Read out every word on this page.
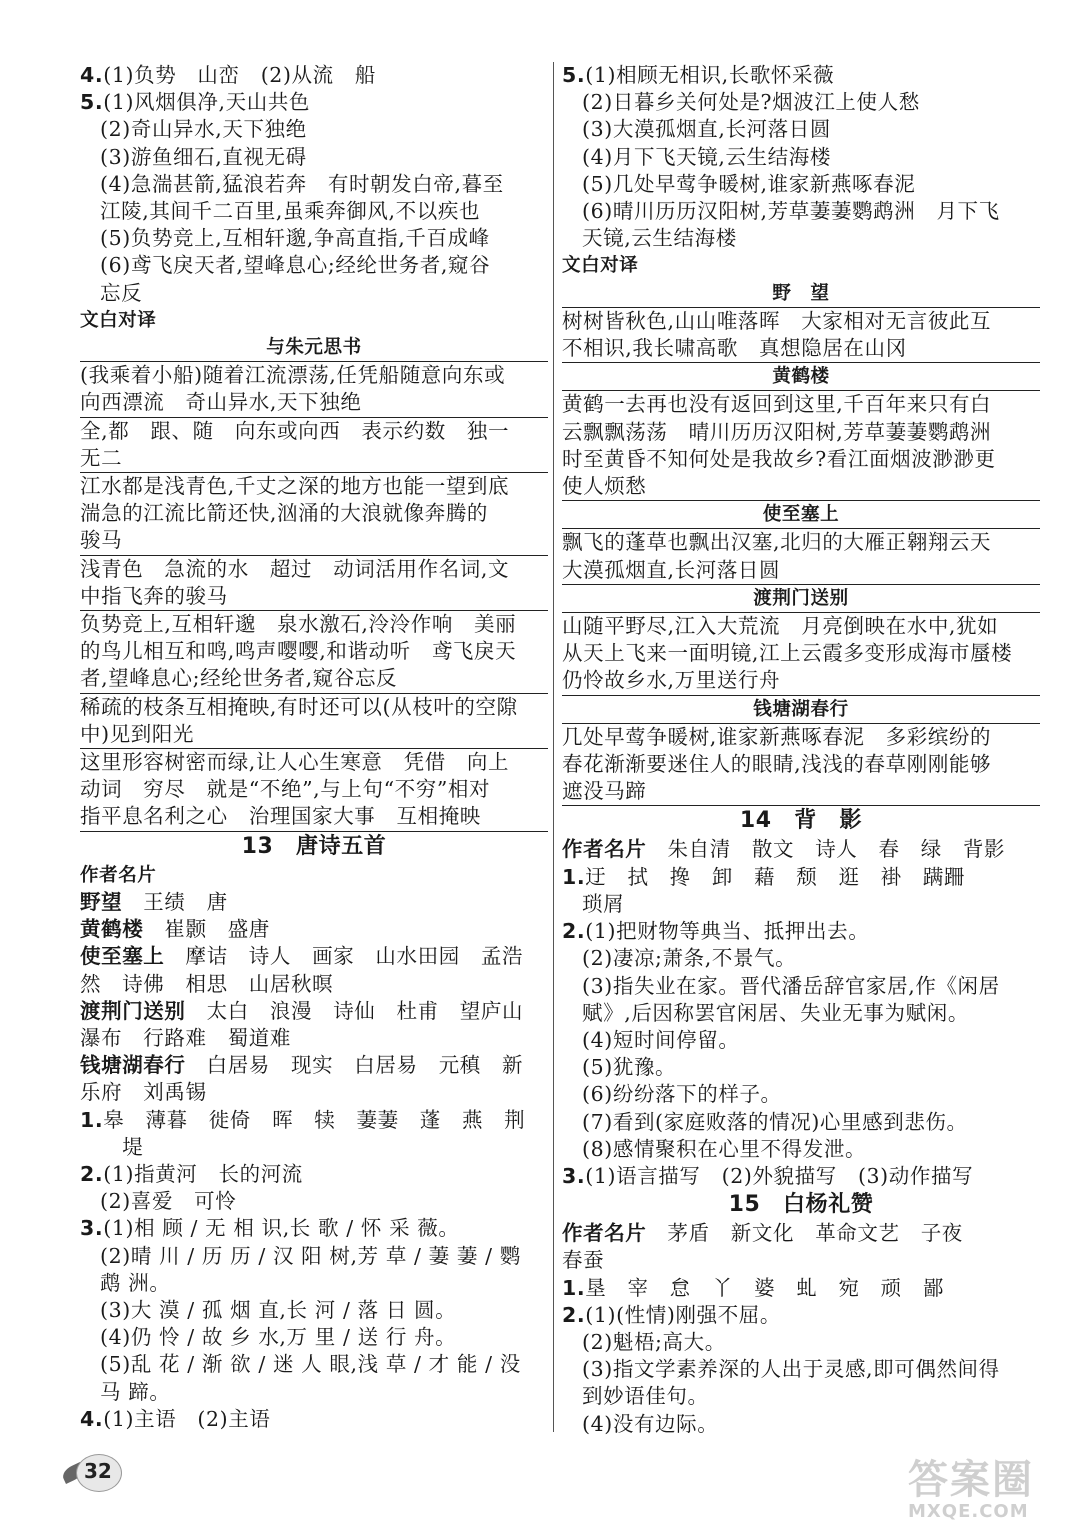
4.(1)负势　山峦　(2)从流　船
5.(1)风烟俱净,天山共色
(2)奇山异水,天下独绝
(3)游鱼细石,直视无碍
(4)急湍甚箭,猛浪若奔　有时朝发白帝,暮至
江陵,其间千二百里,虽乘奔御风,不以疾也
(5)负势竞上,互相轩邈,争高直指,千百成峰
(6)鸢飞戾天者,望峰息心;经纶世务者,窥谷
忘反
文白对译
与朱元思书
(我乘着小船)随着江流漂荡,任凭船随意向东或
向西漂流　奇山异水,天下独绝
全,都　跟、随　向东或向西　表示约数　独一
无二
江水都是浅青色,千丈之深的地方也能一望到底
湍急的江流比箭还快,汹涌的大浪就像奔腾的
骏马
浅青色　急流的水　超过　动词活用作名词,文
中指飞奔的骏马
负势竞上,互相轩邈　泉水激石,泠泠作响　美丽
的鸟儿相互和鸣,鸣声嘤嘤,和谐动听　鸢飞戾天
者,望峰息心;经纶世务者,窥谷忘反
稀疏的枝条互相掩映,有时还可以(从枝叶的空隙
中)见到阳光
这里形容树密而绿,让人心生寒意　凭借　向上
动词　穷尽　就是“不绝”,与上句“不穷”相对
指平息名利之心　治理国家大事　互相掩映
13　唐诗五首
作者名片
野望　王绩　唐
黄鹤楼　崔颢　盛唐
使至塞上　摩诘　诗人　画家　山水田园　孟浩
然　诗佛　相思　山居秋暝
渡荆门送别　太白　浪漫　诗仙　杜甫　望庐山
瀑布　行路难　蜀道难
钱塘湖春行　白居易　现实　白居易　元稹　新
乐府　刘禹锡
1.皋　薄暮　徙倚　晖　犊　萋萋　蓬　燕　荆
　　堤
2.(1)指黄河　长的河流
(2)喜爱　可怜
3.(1)相 顾 / 无 相 识,长 歌 / 怀 采 薇。
(2)晴 川 / 历 历 / 汉 阳 树,芳 草 / 萋 萋 / 鹦
鹉 洲。
(3)大 漠 / 孤 烟 直,长 河 / 落 日 圆。
(4)仍 怜 / 故 乡 水,万 里 / 送 行 舟。
(5)乱 花 / 渐 欲 / 迷 人 眼,浅 草 / 才 能 / 没
马 蹄。
4.(1)主语　(2)主语
5.(1)相顾无相识,长歌怀采薇
(2)日暮乡关何处是?烟波江上使人愁
(3)大漠孤烟直,长河落日圆
(4)月下飞天镜,云生结海楼
(5)几处早莺争暖树,谁家新燕啄春泥
(6)晴川历历汉阳树,芳草萋萋鹦鹉洲　月下飞
天镜,云生结海楼
文白对译
野　望
树树皆秋色,山山唯落晖　大家相对无言彼此互
不相识,我长啸高歌　真想隐居在山冈
黄鹤楼
黄鹤一去再也没有返回到这里,千百年来只有白
云飘飘荡荡　晴川历历汉阳树,芳草萋萋鹦鹉洲
时至黄昏不知何处是我故乡?看江面烟波渺渺更
使人烦愁
使至塞上
飘飞的蓬草也飘出汉塞,北归的大雁正翱翔云天
大漠孤烟直,长河落日圆
渡荆门送别
山随平野尽,江入大荒流　月亮倒映在水中,犹如
从天上飞来一面明镜,江上云霞多变形成海市蜃楼
仍怜故乡水,万里送行舟
钱塘湖春行
几处早莺争暖树,谁家新燕啄春泥　多彩缤纷的
春花渐渐要迷住人的眼睛,浅浅的春草刚刚能够
遮没马蹄
14　背　影
作者名片　朱自清　散文　诗人　春　绿　背影
1.迂　拭　搀　卸　藉　颓　逛　褂　蹒跚
琐屑
2.(1)把财物等典当、抵押出去。
(2)凄凉;萧条,不景气。
(3)指失业在家。晋代潘岳辞官家居,作《闲居
赋》,后因称罢官闲居、失业无事为赋闲。
(4)短时间停留。
(5)犹豫。
(6)纷纷落下的样子。
(7)看到(家庭败落的情况)心里感到悲伤。
(8)感情聚积在心里不得发泄。
3.(1)语言描写　(2)外貌描写　(3)动作描写
15　白杨礼赞
作者名片　茅盾　新文化　革命文艺　子夜
春蚕
1.垦　宰　怠　丫　婆　虬　宛　顽　鄙
2.(1)(性情)刚强不屈。
(2)魁梧;高大。
(3)指文学素养深的人出于灵感,即可偶然间得
到妙语佳句。
(4)没有边际。
32	答案圈
MXQE.COM
